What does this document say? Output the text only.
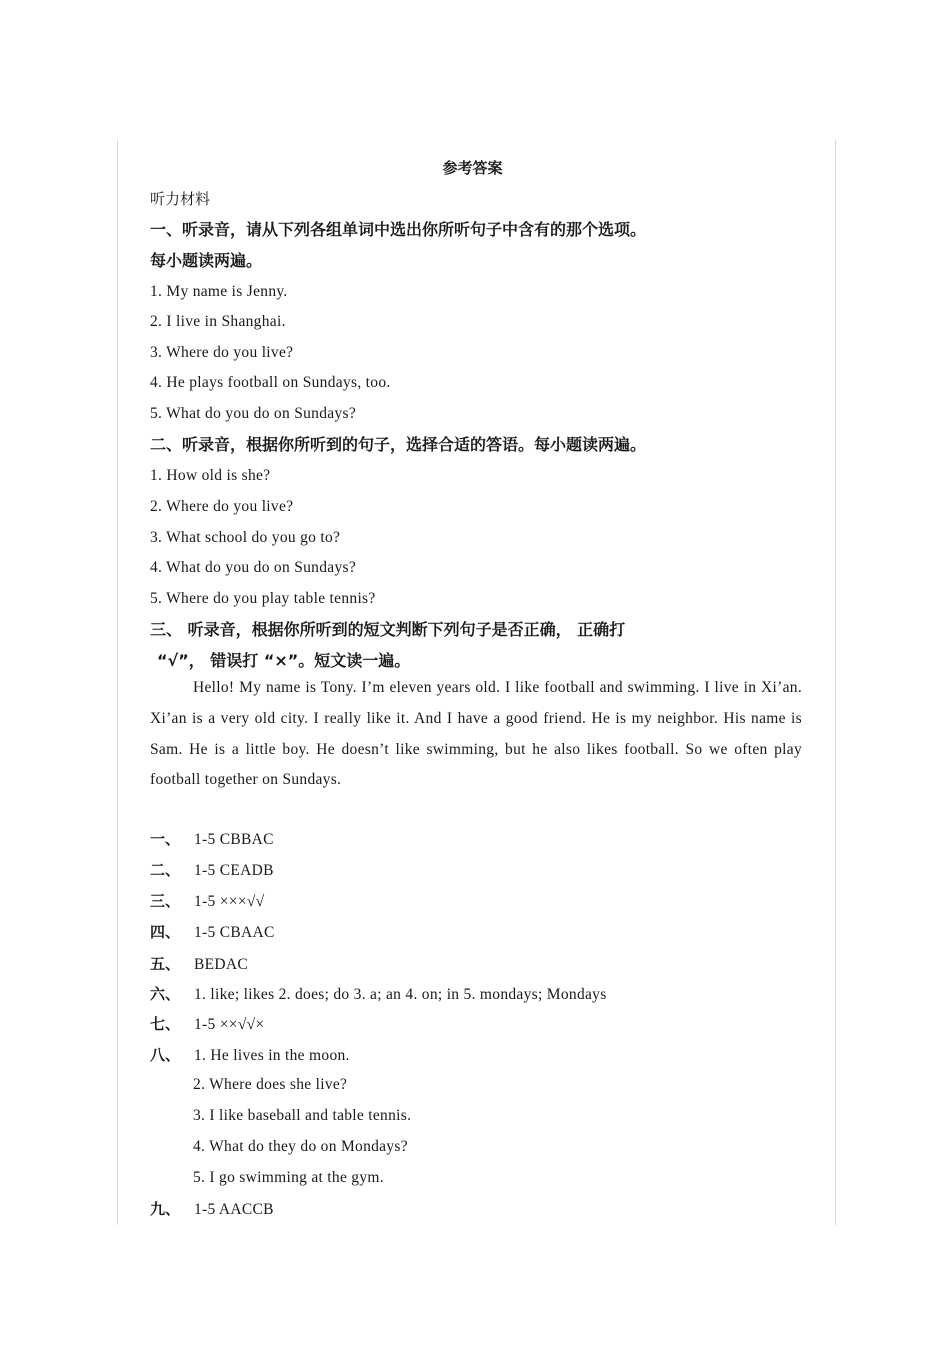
参考答案
听力材料
一、听录音，请从下列各组单词中选出你所听句子中含有的那个选项。
每小题读两遍。
1. My name is Jenny.
2. I live in Shanghai.
3. Where do you live?
4. He plays football on Sundays, too.
5. What do you do on Sundays?
二、听录音，根据你所听到的句子，选择合适的答语。每小题读两遍。
1. How old is she?
2. Where do you live?
3. What school do you go to?
4. What do you do on Sundays?
5. Where do you play table tennis?
三、 听录音，根据你所听到的短文判断下列句子是否正确， 正确打
“√”， 错误打 “×”。短文读一遍。
Hello! My name is Tony. I’m eleven years old. I like football and swimming. I live in Xi’an. Xi’an is a very old city. I really like it. And I have a good friend. He is my neighbor. His name is Sam. He is a little boy. He doesn’t like swimming, but he also likes football. So we often play football together on Sundays.
一、 1-5 CBBAC
二、 1-5 CEADB
三、 1-5 ×××√√
四、 1-5 CBAAC
五、 BEDAC
六、 1. like; likes 2. does; do 3. a; an 4. on; in 5. mondays; Mondays
七、 1-5 ××√√×
八、 1. He lives in the moon.
2. Where does she live?
3. I like baseball and table tennis.
4. What do they do on Mondays?
5. I go swimming at the gym.
九、 1-5 AACCB
